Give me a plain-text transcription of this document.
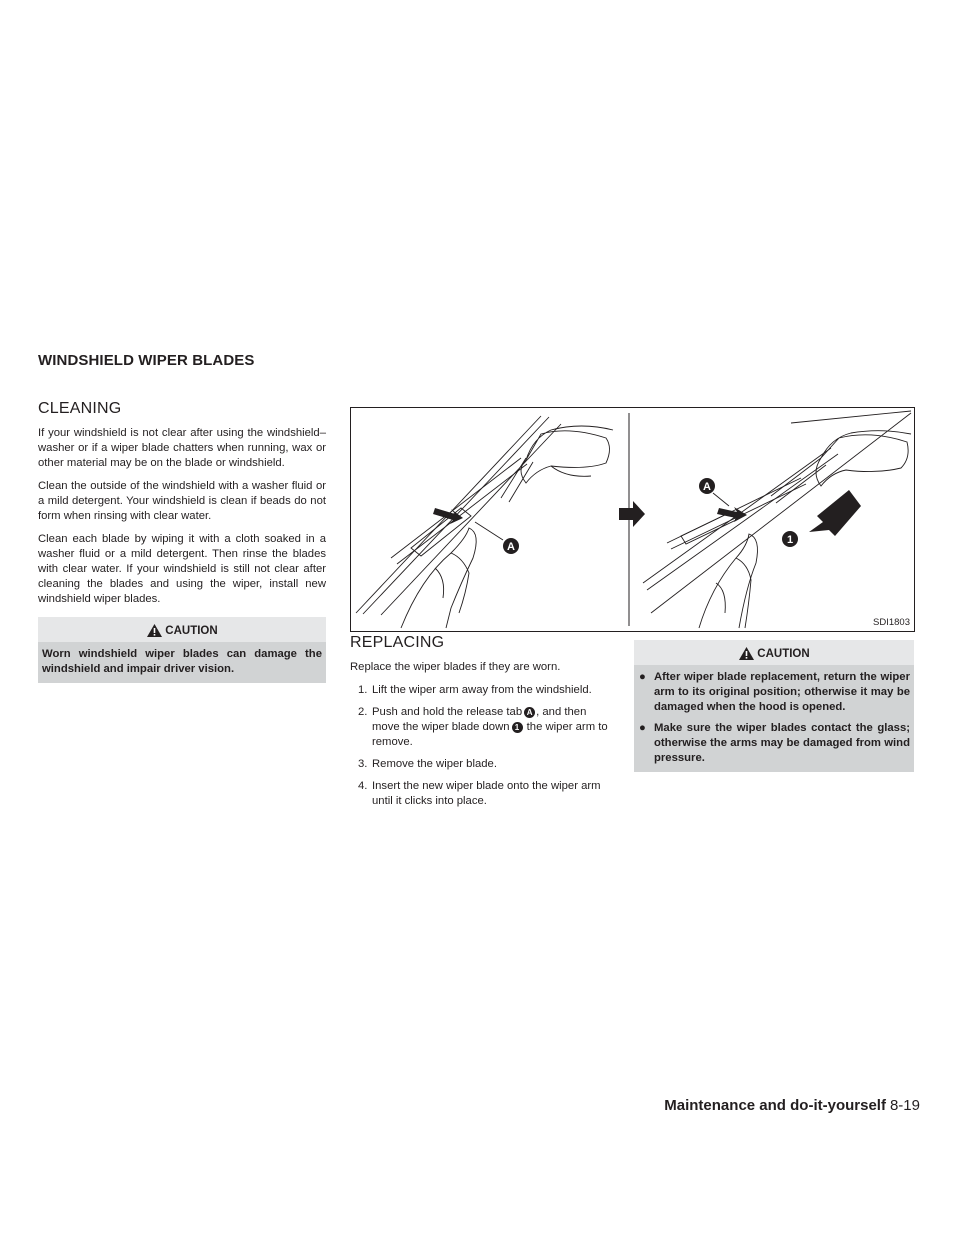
WINDSHIELD WIPER BLADES
CLEANING

If your windshield is not clear after using the windshield–washer or if a wiper blade chatters when running, wax or other material may be on the blade or windshield.

Clean the outside of the windshield with a washer fluid or a mild detergent. Your windshield is clean if beads do not form when rinsing with clear water.

Clean each blade by wiping it with a cloth soaked in a washer fluid or a mild detergent. Then rinse the blades with clear water. If your windshield is still not clear after cleaning the blades and using the wiper, install new windshield wiper blades.

CAUTION
Worn windshield wiper blades can damage the windshield and impair driver vision.
A
A
1
SDI1803
REPLACING

Replace the wiper blades if they are worn.

1. Lift the wiper arm away from the windshield.
2. Push and hold the release tab A , and then move the wiper blade down 1 the wiper arm to remove.
3. Remove the wiper blade.
4. Insert the new wiper blade onto the wiper arm until it clicks into place.
CAUTION
● After wiper blade replacement, return the wiper arm to its original position; otherwise it may be damaged when the hood is opened.
● Make sure the wiper blades contact the glass; otherwise the arms may be damaged from wind pressure.
Maintenance and do-it-yourself 8-19
